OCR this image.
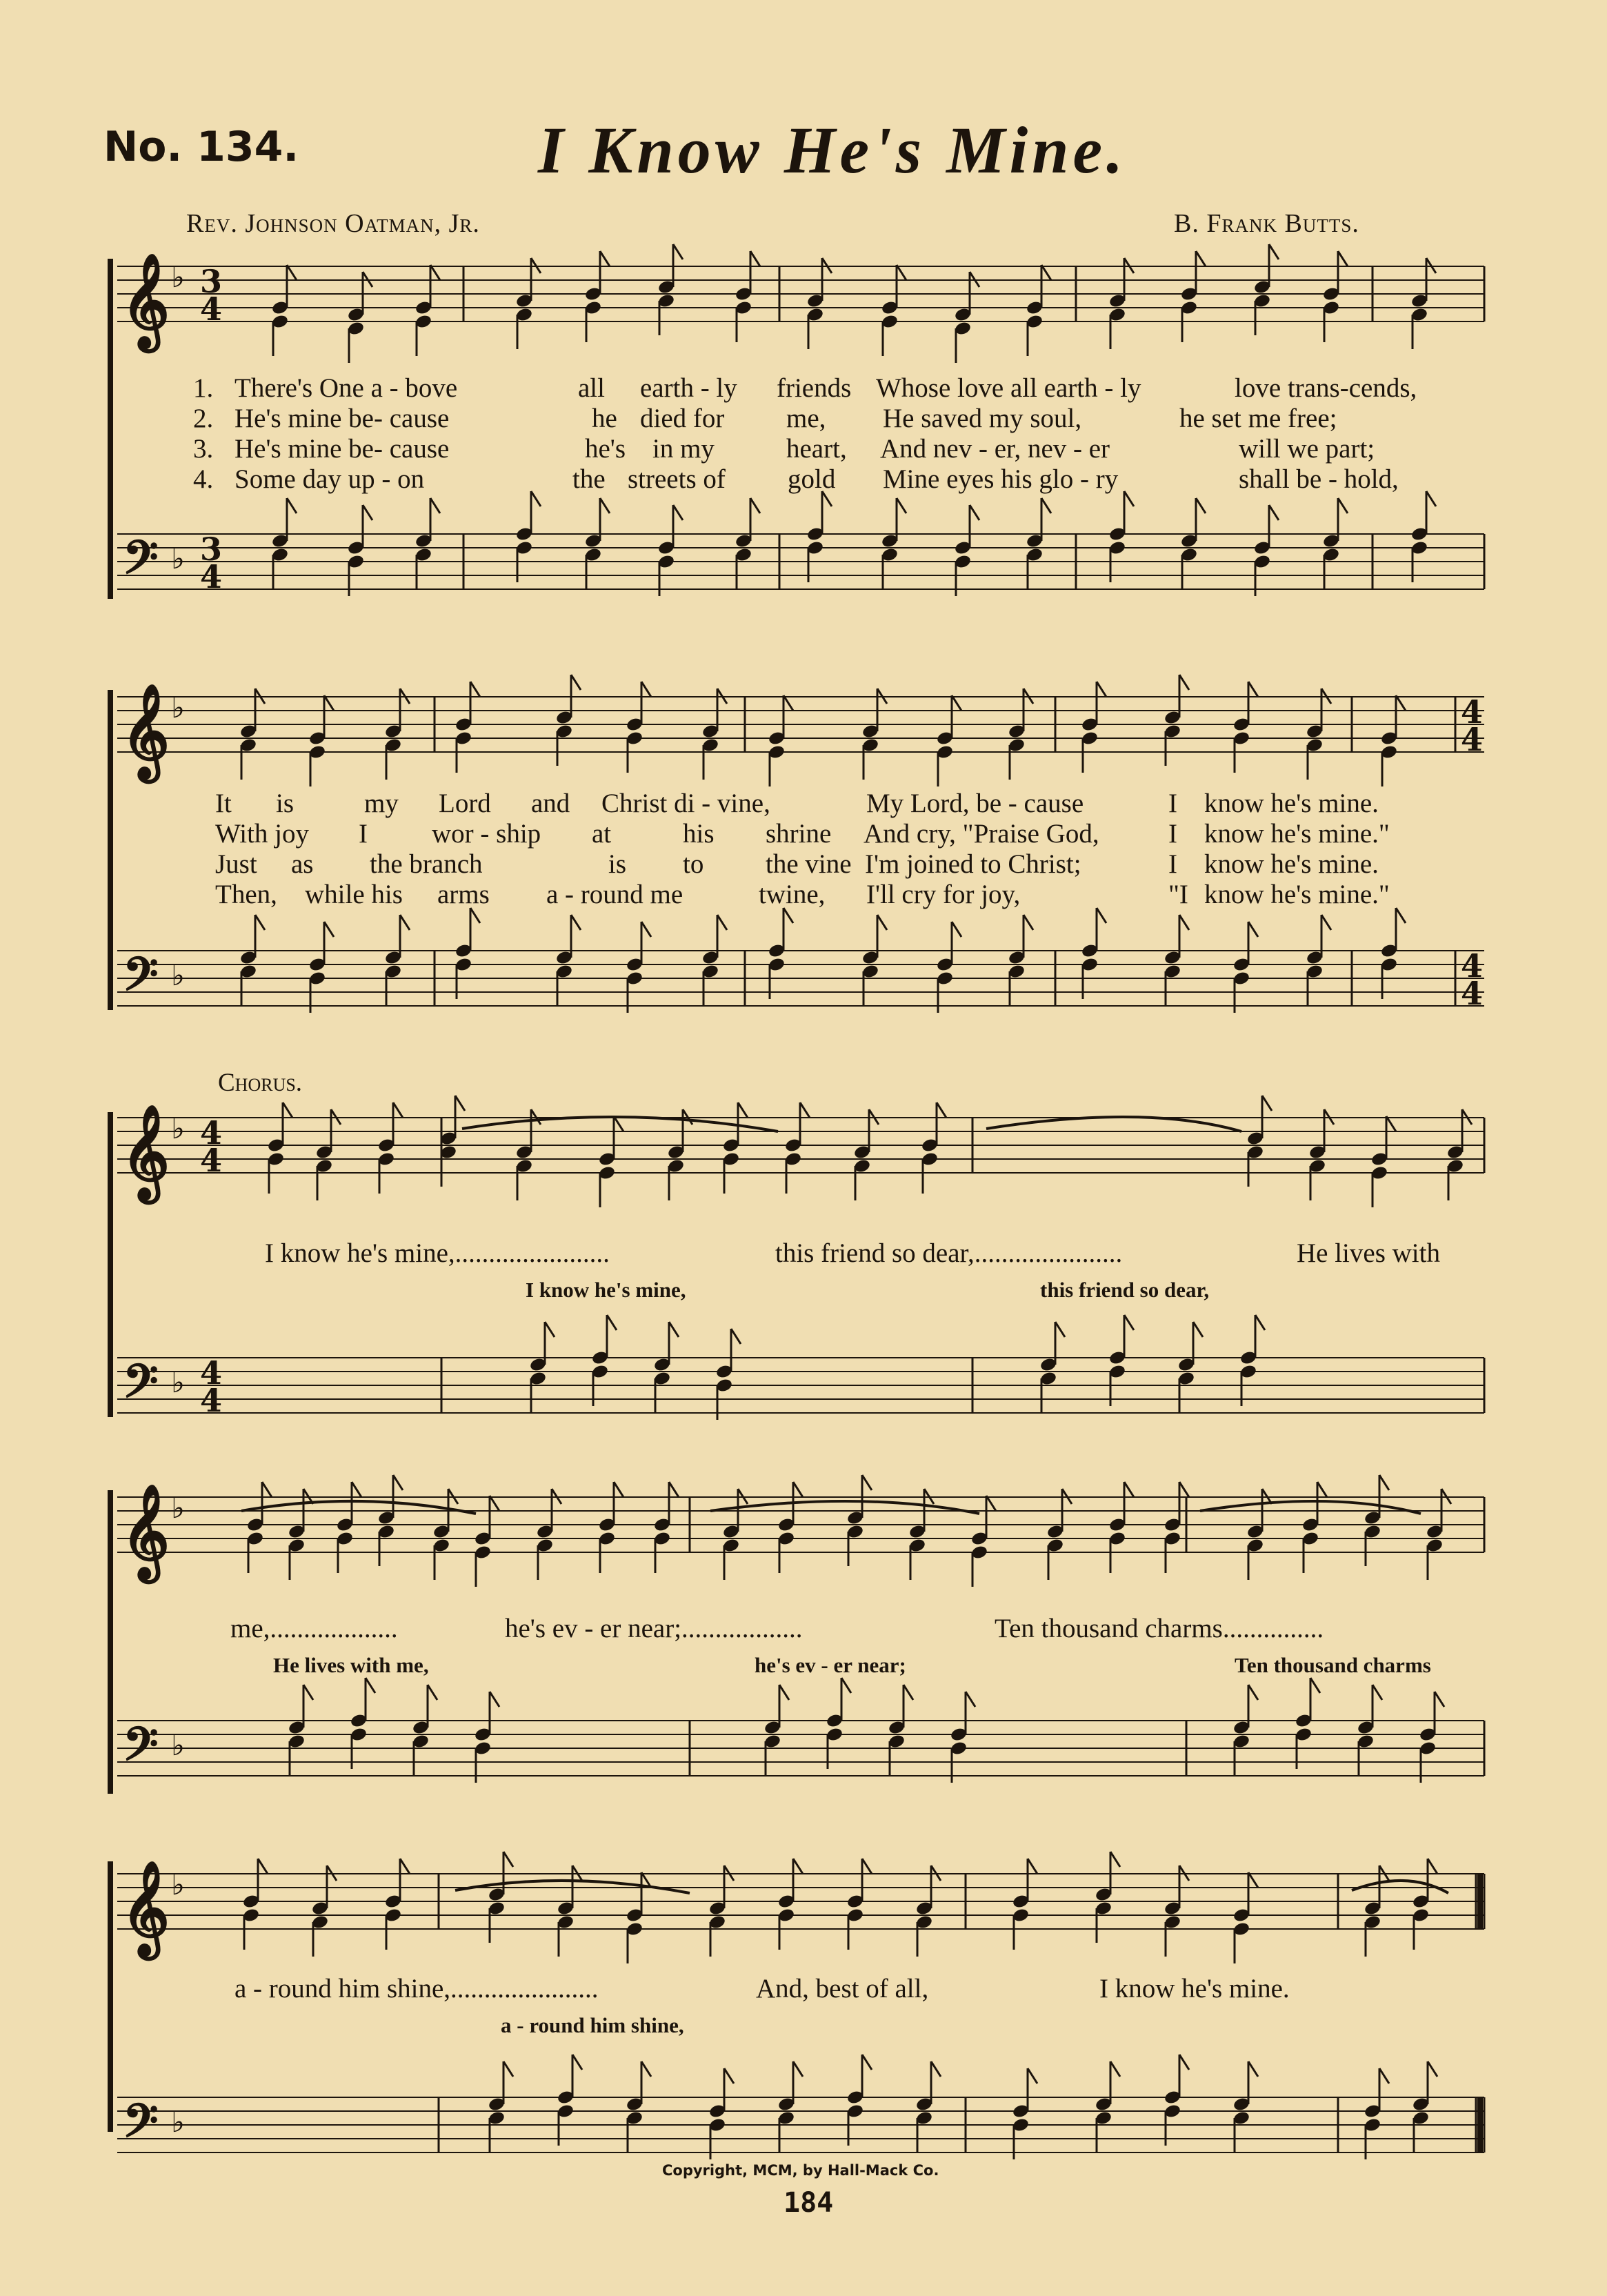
No. 134.	I Know He's Mine.
Rev. Johnson Oatman, Jr.	B. Frank Butts.
𝄞 ♭ 3
4
𝄢 ♭ 3
4
𝄞 ♭	4
4
𝄢 ♭	4
4
𝄞 ♭ 4
4
𝄢 ♭ 4
4
𝄞 ♭
𝄢 ♭
𝄞 ♭
𝄢 ♭

1.

2.

3.

4.

There's One a - bove

	all

earth - ly

friends

Whose love all earth - ly

	love trans-cends,

He's mine be- cause

	he

died for

me,

He saved my soul,

	he set me free;

He's mine be- cause

	he's

in my

	heart,

And nev - er, nev - er

	will we part;

Some day up - on

	the

streets of

gold

Mine eyes his glo - ry

	shall be - hold,

It

is

	my

Lord

and

Christ di - vine,

	My Lord, be - cause

	I

know he's mine.

With joy

I

wor - ship

at

	his

shrine

And cry, "Praise God,

	I

know he's mine."

Just

as

the branch

	is

to

the vine

I'm joined to Christ;

	I

know he's mine.

Then,

while his

arms

a - round me

	twine,

I'll cry for joy,

	"I

know he's mine."

Chorus.

I know he's mine,.......................

	this friend so dear,......................

	He lives with

I know he's mine,

	this friend so dear,

me,...................

	he's ev - er near;..................

	Ten thousand charms...............

He lives with me,

	he's ev - er near;

	Ten thousand charms

a - round him shine,......................

	And, best of all,

	I know he's mine.

a - round him shine,

Copyright, MCM, by Hall-Mack Co.
184
